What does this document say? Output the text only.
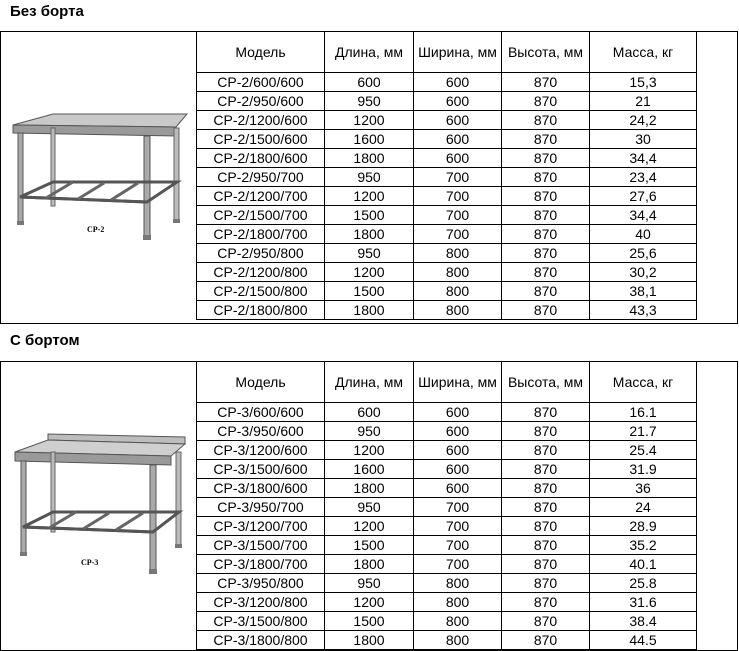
Без борта
СР-2
Модель	Длина, мм	Ширина, мм	Высота, мм	Масса, кг
СР-2/600/600	600	600	870	15,3
СР-2/950/600	950	600	870	21
СР-2/1200/600	1200	600	870	24,2
СР-2/1500/600	1600	600	870	30
СР-2/1800/600	1800	600	870	34,4
СР-2/950/700	950	700	870	23,4
СР-2/1200/700	1200	700	870	27,6
СР-2/1500/700	1500	700	870	34,4
СР-2/1800/700	1800	700	870	40
СР-2/950/800	950	800	870	25,6
СР-2/1200/800	1200	800	870	30,2
СР-2/1500/800	1500	800	870	38,1
СР-2/1800/800	1800	800	870	43,3
С бортом
СР-3
Модель	Длина, мм	Ширина, мм	Высота, мм	Масса, кг
СР-3/600/600	600	600	870	16.1
СР-3/950/600	950	600	870	21.7
СР-3/1200/600	1200	600	870	25.4
СР-3/1500/600	1600	600	870	31.9
СР-3/1800/600	1800	600	870	36
СР-3/950/700	950	700	870	24
СР-3/1200/700	1200	700	870	28.9
СР-3/1500/700	1500	700	870	35.2
СР-3/1800/700	1800	700	870	40.1
СР-3/950/800	950	800	870	25.8
СР-3/1200/800	1200	800	870	31.6
СР-3/1500/800	1500	800	870	38.4
СР-3/1800/800	1800	800	870	44.5
